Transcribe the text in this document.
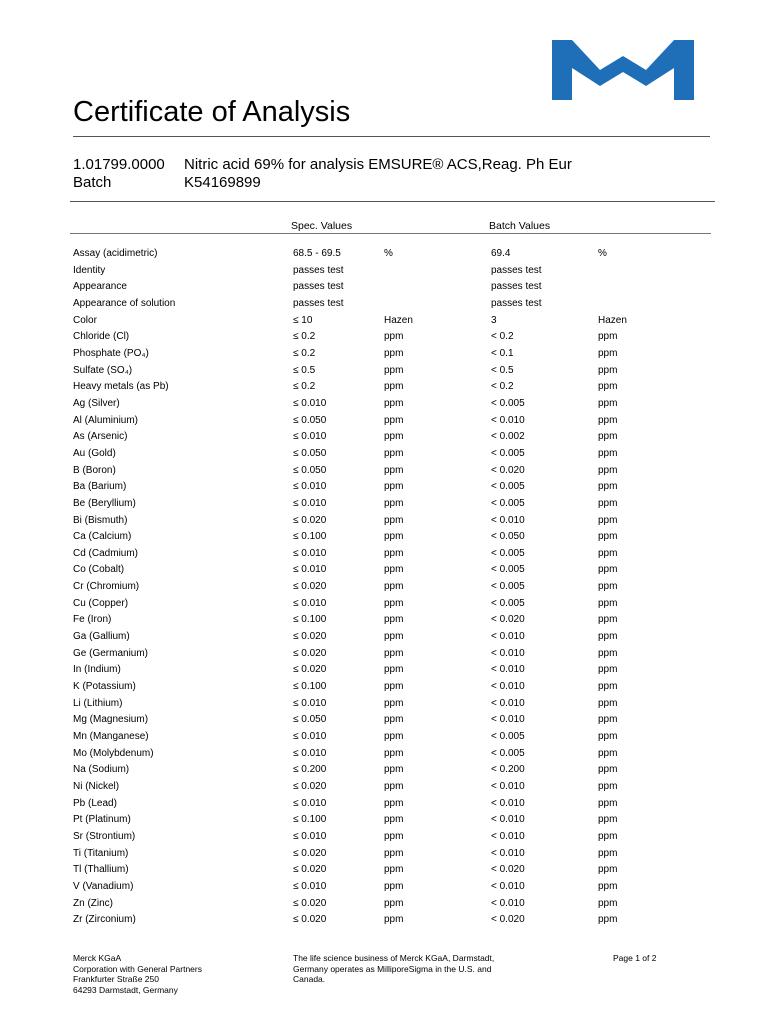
Certificate of Analysis
1.01799.0000 Nitric acid 69% for analysis EMSURE® ACS,Reag. Ph Eur
Batch	K54169899
Spec. Values	Batch Values
Assay (acidimetric)	68.5 - 69.5	%	69.4	%
Identity	passes test	passes test
Appearance	passes test	passes test
Appearance of solution	passes test	passes test
Color	≤ 10	Hazen	3	Hazen
Chloride (Cl)	≤ 0.2	ppm	< 0.2	ppm
Phosphate (PO₄)	≤ 0.2	ppm	< 0.1	ppm
Sulfate (SO₄)	≤ 0.5	ppm	< 0.5	ppm
Heavy metals (as Pb)	≤ 0.2	ppm	< 0.2	ppm
Ag (Silver)	≤ 0.010	ppm	< 0.005	ppm
Al (Aluminium)	≤ 0.050	ppm	< 0.010	ppm
As (Arsenic)	≤ 0.010	ppm	< 0.002	ppm
Au (Gold)	≤ 0.050	ppm	< 0.005	ppm
B (Boron)	≤ 0.050	ppm	< 0.020	ppm
Ba (Barium)	≤ 0.010	ppm	< 0.005	ppm
Be (Beryllium)	≤ 0.010	ppm	< 0.005	ppm
Bi (Bismuth)	≤ 0.020	ppm	< 0.010	ppm
Ca (Calcium)	≤ 0.100	ppm	< 0.050	ppm
Cd (Cadmium)	≤ 0.010	ppm	< 0.005	ppm
Co (Cobalt)	≤ 0.010	ppm	< 0.005	ppm
Cr (Chromium)	≤ 0.020	ppm	< 0.005	ppm
Cu (Copper)	≤ 0.010	ppm	< 0.005	ppm
Fe (Iron)	≤ 0.100	ppm	< 0.020	ppm
Ga (Gallium)	≤ 0.020	ppm	< 0.010	ppm
Ge (Germanium)	≤ 0.020	ppm	< 0.010	ppm
In (Indium)	≤ 0.020	ppm	< 0.010	ppm
K (Potassium)	≤ 0.100	ppm	< 0.010	ppm
Li (Lithium)	≤ 0.010	ppm	< 0.010	ppm
Mg (Magnesium)	≤ 0.050	ppm	< 0.010	ppm
Mn (Manganese)	≤ 0.010	ppm	< 0.005	ppm
Mo (Molybdenum)	≤ 0.010	ppm	< 0.005	ppm
Na (Sodium)	≤ 0.200	ppm	< 0.200	ppm
Ni (Nickel)	≤ 0.020	ppm	< 0.010	ppm
Pb (Lead)	≤ 0.010	ppm	< 0.010	ppm
Pt (Platinum)	≤ 0.100	ppm	< 0.010	ppm
Sr (Strontium)	≤ 0.010	ppm	< 0.010	ppm
Ti (Titanium)	≤ 0.020	ppm	< 0.010	ppm
Tl (Thallium)	≤ 0.020	ppm	< 0.020	ppm
V (Vanadium)	≤ 0.010	ppm	< 0.010	ppm
Zn (Zinc)	≤ 0.020	ppm	< 0.010	ppm
Zr (Zirconium)	≤ 0.020	ppm	< 0.020	ppm
Merck KGaA
Corporation with General Partners
Frankfurter Straße 250
64293 Darmstadt, Germany
The life science business of Merck KGaA, Darmstadt,
Germany operates as MilliporeSigma in the U.S. and
Canada.
Page 1 of 2
